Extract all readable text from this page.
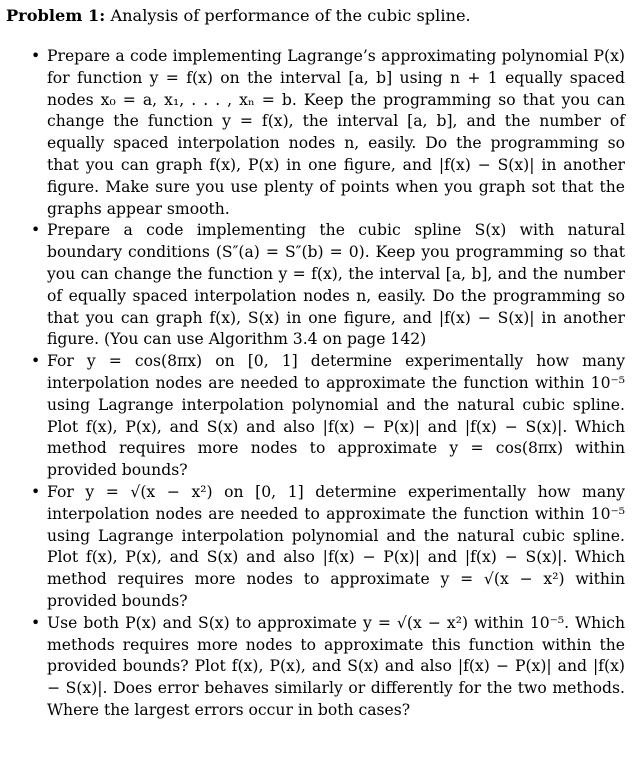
Problem 1: Analysis of performance of the cubic spline.
• Prepare a code implementing Lagrange’s approximating polynomial P(x) for function y = f(x) on the interval [a, b] using n + 1 equally spaced nodes x₀ = a, x₁, . . . , xₙ = b. Keep the programming so that you can change the function y = f(x), the interval [a, b], and the number of equally spaced interpolation nodes n, easily. Do the programming so that you can graph f(x), P(x) in one figure, and |f(x) − S(x)| in another figure. Make sure you use plenty of points when you graph sot that the graphs appear smooth.
• Prepare a code implementing the cubic spline S(x) with natural boundary conditions (S″(a) = S″(b) = 0). Keep you programming so that you can change the function y = f(x), the interval [a, b], and the number of equally spaced interpolation nodes n, easily. Do the programming so that you can graph f(x), S(x) in one figure, and |f(x) − S(x)| in another figure. (You can use Algorithm 3.4 on page 142)
• For y = cos(8πx) on [0, 1] determine experimentally how many interpolation nodes are needed to approximate the function within 10⁻⁵ using Lagrange interpolation polynomial and the natural cubic spline. Plot f(x), P(x), and S(x) and also |f(x) − P(x)| and |f(x) − S(x)|. Which method requires more nodes to approximate y = cos(8πx) within provided bounds?
• For y = √(x − x²) on [0, 1] determine experimentally how many interpolation nodes are needed to approximate the function within 10⁻⁵ using Lagrange interpolation polynomial and the natural cubic spline. Plot f(x), P(x), and S(x) and also |f(x) − P(x)| and |f(x) − S(x)|. Which method requires more nodes to approximate y = √(x − x²) within provided bounds?
• Use both P(x) and S(x) to approximate y = √(x − x²) within 10⁻⁵. Which methods requires more nodes to approximate this function within the provided bounds? Plot f(x), P(x), and S(x) and also |f(x) − P(x)| and |f(x) − S(x)|. Does error behaves similarly or differently for the two methods. Where the largest errors occur in both cases?
